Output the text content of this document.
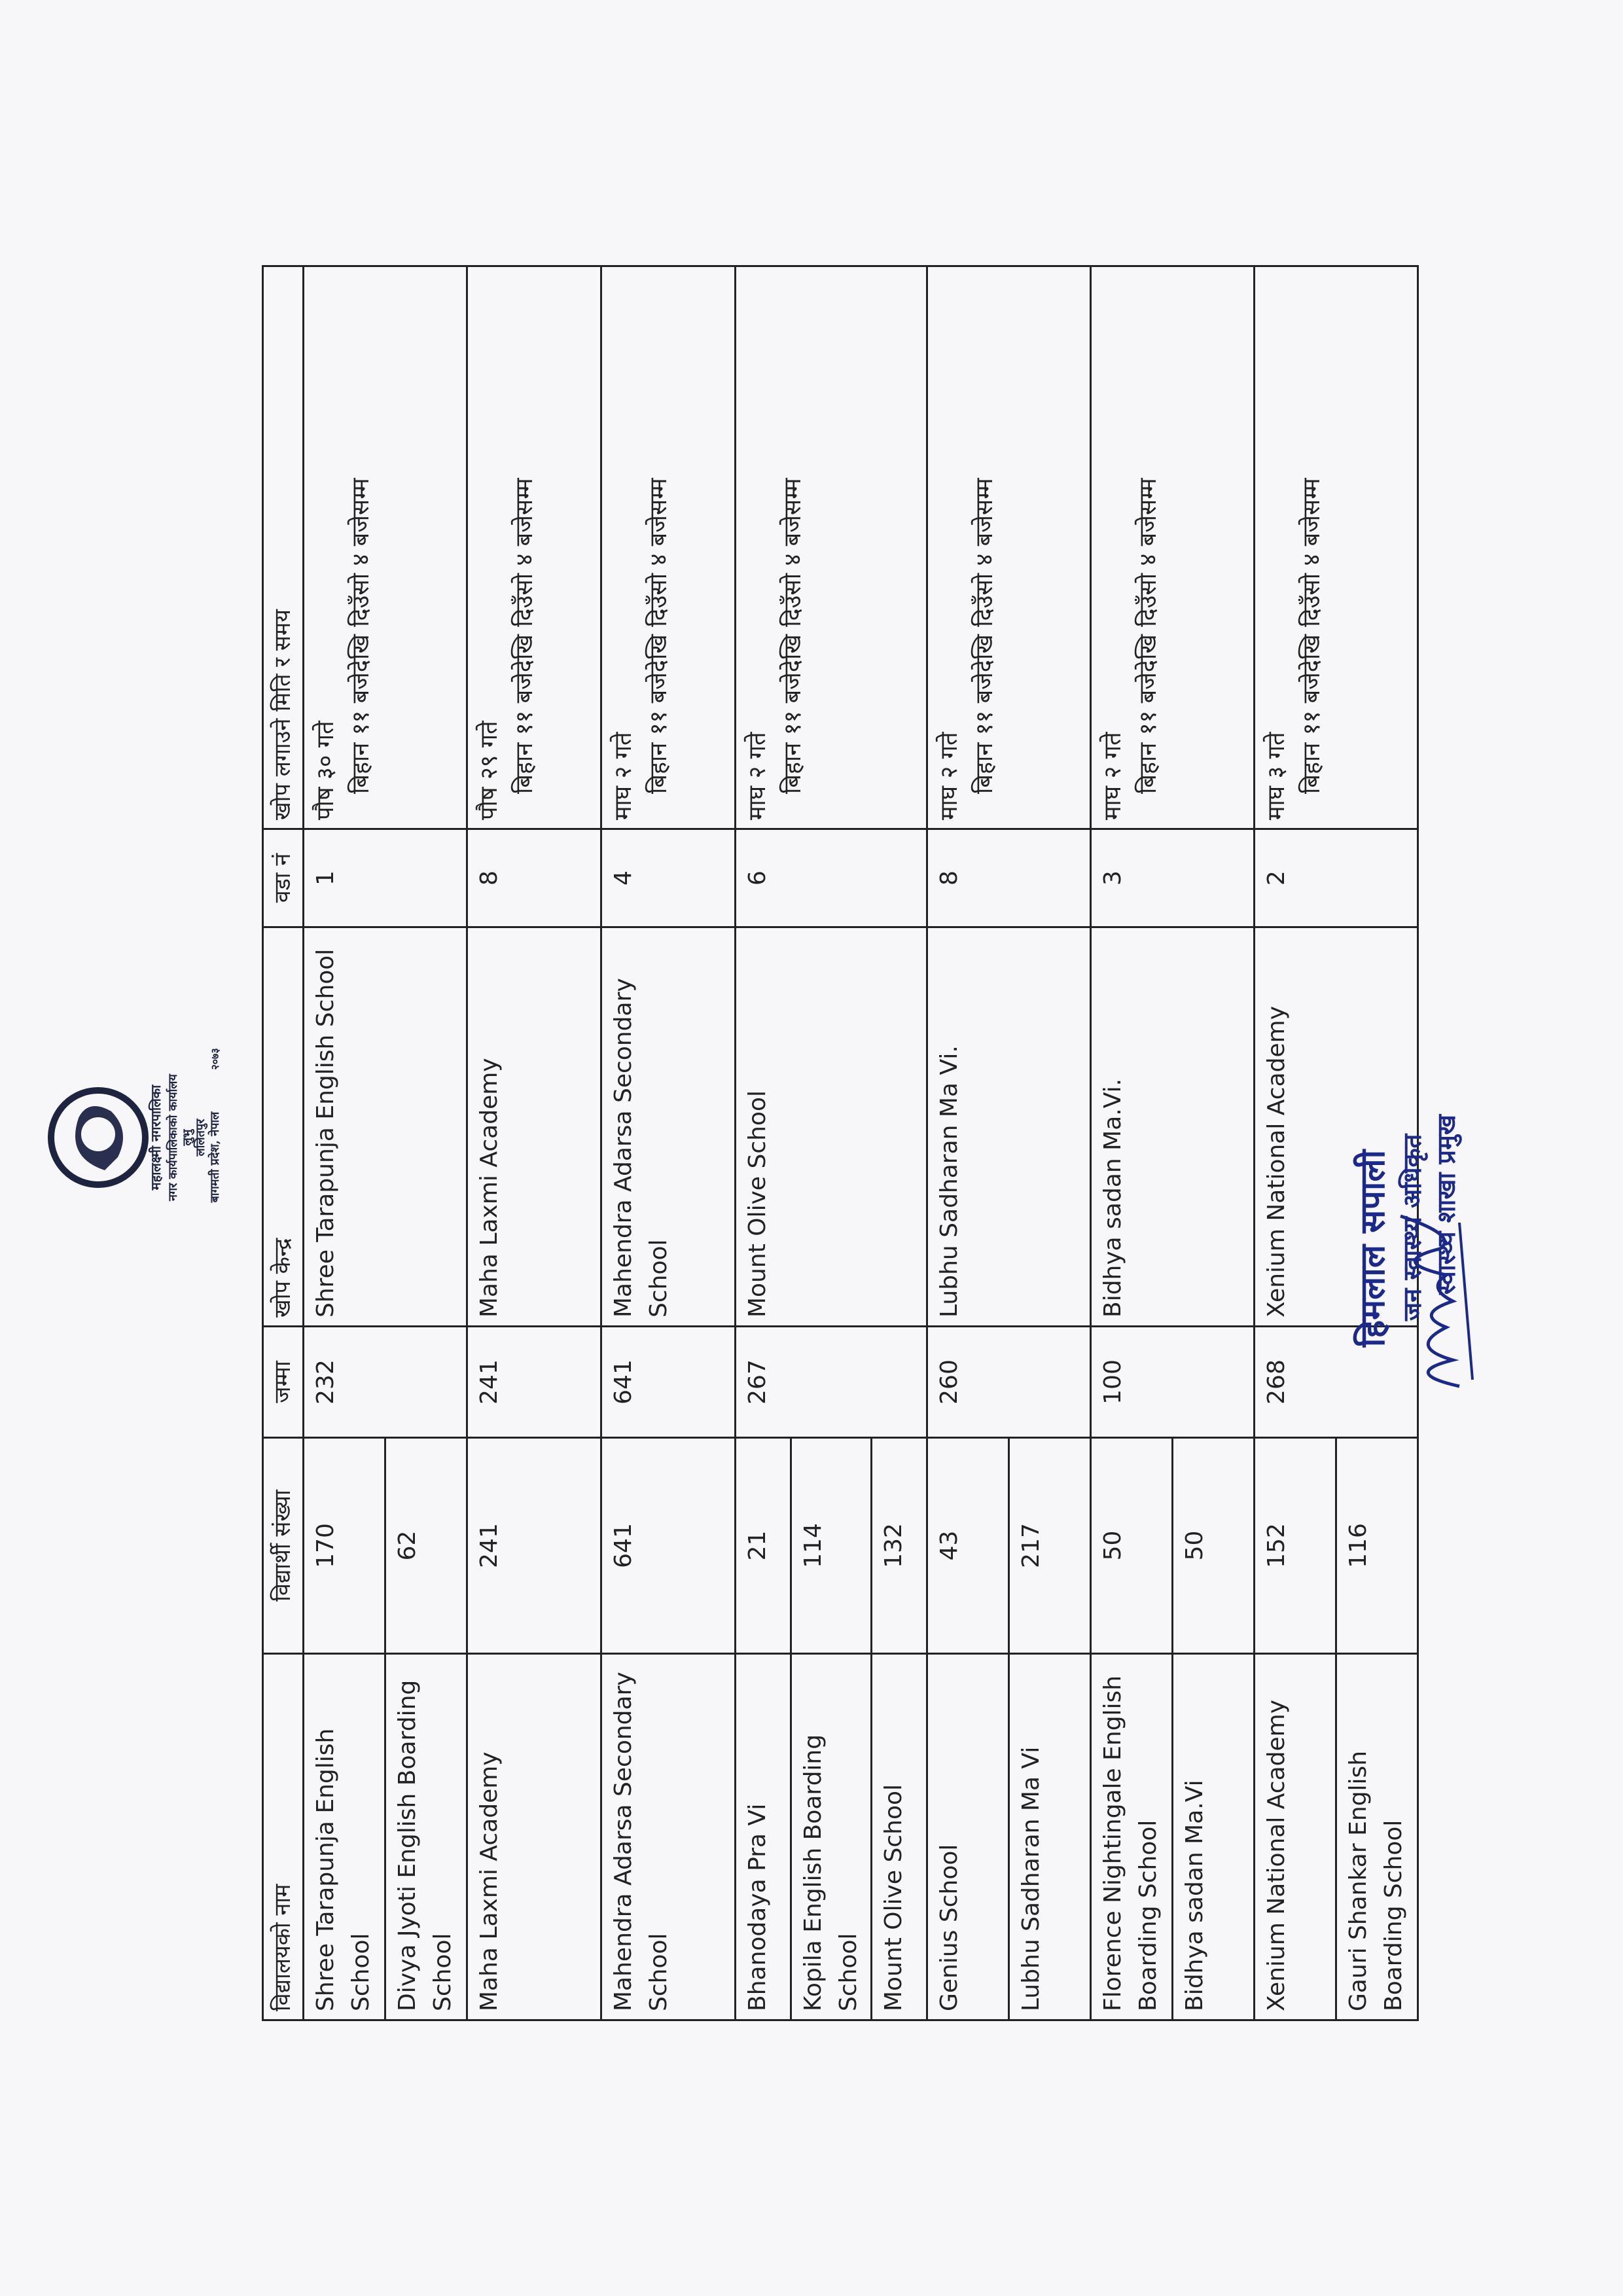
महालक्ष्मी नगरपालिका नगर कार्यपालिकाको कार्यालय लुभु ललितपुर बागमती प्रदेश, नेपाल
२०७३
विद्यालयको नाम	विद्यार्थी संख्या	जम्मा	खोप केन्द्र	वडा नं	खोप लगाउने मिति र समय
Shree Tarapunja English School	170	232	Shree Tarapunja English School	1	पौष ३० गते बिहान ११ बजेदेखि दिउँसो ४ बजेसम्म

Divya Jyoti English Boarding School	62				
Maha Laxmi Academy	241	241	Maha Laxmi Academy	8	पौष २९ गते बिहान ११ बजेदेखि दिउँसो ४ बजेसम्म

Mahendra Adarsa Secondary School	641	641	Mahendra Adarsa Secondary School	4	माघ २ गते बिहान ११ बजेदेखि दिउँसो ४ बजेसम्म

Bhanodaya Pra Vi	21	267	Mount Olive School	6	माघ २ गते बिहान ११ बजेदेखि दिउँसो ४ बजेसम्म

Kopila English Boarding School	114				
Mount Olive School	132				
Genius School	43	260	Lubhu Sadharan Ma Vi.	8	माघ २ गते बिहान ११ बजेदेखि दिउँसो ४ बजेसम्म

Lubhu Sadharan Ma Vi	217				
Florence Nightingale English Boarding School	50	100	Bidhya sadan Ma.Vi.	3	माघ २ गते बिहान ११ बजेदेखि दिउँसो ४ बजेसम्म

Bidhya sadan Ma.Vi	50				
Xenium National Academy	152	268	Xenium National Academy	2	माघ ३ गते बिहान ११ बजेदेखि दिउँसो ४ बजेसम्म

Gauri Shankar English Boarding School	116				
हिमलाल सपाली जन स्वास्थ्य अधिकृत स्वास्थ्य शाखा प्रमुख
